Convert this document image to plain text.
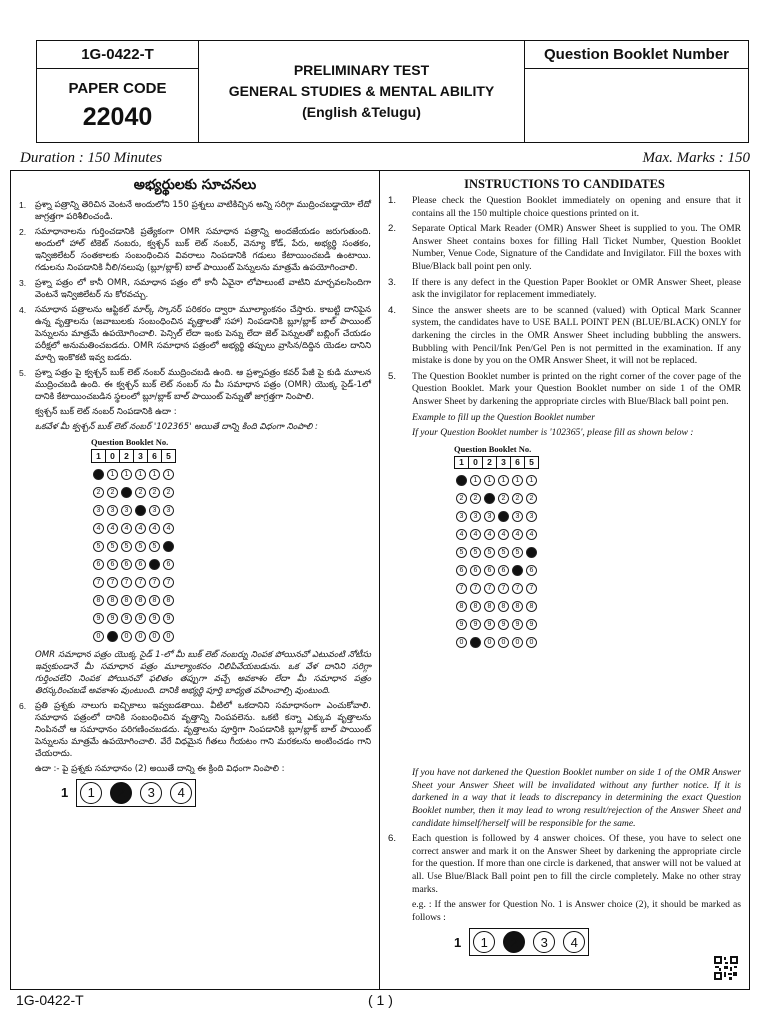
1G-0422-T
PAPER CODE
22040
PRELIMINARY TEST
GENERAL STUDIES & MENTAL ABILITY
(English &Telugu)
Question Booklet Number
Duration : 150 Minutes	Max. Marks : 150
అభ్యర్థులకు సూచనలు
1.	ప్రశ్నా పత్రాన్ని తెరిచిన వెంటనే అందులోని 150 ప్రశ్నలు వాటికిచ్చిన అన్ని సరిగ్గా ముద్రించబడ్డాయో లేదో జాగ్రత్తగా పరిశీలించండి.
2.	సమాధానాలను గుర్తించడానికి ప్రత్యేకంగా OMR సమాధాన పత్రాన్ని అందజేయడం జరుగుతుంది. అందులో హాల్ టికెట్ నంబరు, క్వశ్చన్ బుక్ లెట్ నంబర్, వెన్యూ కోడ్, పేరు, అభ్యర్థి సంతకం, ఇన్విజిలేటర్ సంతకాలకు సంబంధించిన వివరాలు నింపడానికి గడులు కేటాయించబడి ఉంటాయి. గడులను నింపడానికి నీలి/నలుపు (బ్లూ/బ్లాక్) బాల్ పాయింట్ పెన్నులను మాత్రమే ఉపయోగించాలి.
3.	ప్రశ్నా పత్రం లో కానీ OMR, సమాధాన పత్రం లో కానీ ఏవైనా లోపాలుంటే వాటిని మార్చవలసిందిగా వెంటనే ఇన్విజిలేటర్ ను కోరవచ్చు.
4.	సమాధాన పత్రాలను ఆప్టికల్ మార్క్ స్కానర్ పరికరం ద్వారా మూల్యాంకనం చేస్తారు. కాబట్టి దానిపైన ఉన్న వృత్తాలను (జవాబులకు సంబంధించిన వృత్తాలతో సహా) నింపడానికి బ్లూ/బ్లాక్ బాల్ పాయింట్ పెన్నులను మాత్రమే ఉపయోగించాలి. పెన్సిల్ లేదా ఇంకు పెన్ను లేదా జెల్ పెన్నులతో బబ్లింగ్ చేయడం పరీక్షలో అనుమతించబడదు. OMR సమాధాన పత్రంలో అభ్యర్థి తప్పులు వ్రాసిన/దిద్దిన యెడల దానిని మార్చి ఇంకొకటి ఇవ్వ బడదు.
5.	ప్రశ్నా పత్రం పై క్వశ్చన్ బుక్ లెట్ నంబర్ ముద్రించబడి ఉంది. ఆ ప్రశ్నాపత్రం కవర్ పేజీ పై కుడి మూలన ముద్రించబడి ఉంది. ఈ క్వశ్చన్ బుక్ లెట్ నంబర్ ను మీ సమాధాన పత్రం (OMR) యొక్క సైడ్-1లో దానికి కేటాయించబడిన స్థలంలో బ్లూ/బ్లాక్ బాల్ పాయింట్ పెన్నుతో జాగ్రత్తగా నింపాలి.
క్వశ్చన్ బుక్ లెట్ నంబర్ నింపడానికి ఉదా :
ఒకవేళ మీ క్వశ్చన్ బుక్ లెట్ నంబర్ '102365' అయితే దాన్ని కింది విధంగా నింపాలి :
Question Booklet No.
1	0	2	3	6	5
1	1	1	1	1	1
2	2	2	2	2	2
3	3	3	3	3	3
4	4	4	4	4	4
5	5	5	5	5	5
6	6	6	6	6	6
7	7	7	7	7	7
8	8	8	8	8	8
9	9	9	9	9	9
0	0	0	0	0	0
OMR సమాధాన పత్రం యొక్క సైడ్ 1-లో మీ బుక్ లెట్ నంబర్ను నింపక పోయినచో ఎటువంటి నోటీసు ఇవ్వకుండానే మీ సమాధాన పత్రం మూల్యాంకనం నిలిపివేయబడును. ఒక వేళ దానిని సరిగ్గా గుర్తించలేని నింపక పోయినచో ఫలితం తప్పుగా వచ్చే అవకాశం లేదా మీ సమాధాన పత్రం తిరస్కరించబడే అవకాశం వుంటుంది. దానికి అభ్యర్థి పూర్తి బాధ్యత వహించాల్సి వుంటుంది.
6.	ప్రతి ప్రశ్నకు నాలుగు ఐచ్ఛికాలు ఇవ్వబడతాయి. వీటిలో ఒకదానిని సమాధానంగా ఎంచుకోవాలి. సమాధాన పత్రంలో దానికి సంబంధించిన వృత్తాన్ని నింపవలెను. ఒకటి కన్నా ఎక్కువ వృత్తాలను నింపినచో ఆ సమాధానం పరిగణించబడదు. వృత్తాలను పూర్తిగా నింపడానికి బ్లూ/బ్లాక్ బాల్ పాయింట్ పెన్నులను మాత్రమే ఉపయోగించాలి. వేరే విధమైన గీతలు గీయటం గాని మరకలను అంటించడం గాని చేయరాదు.
ఉదా :- పై ప్రశ్నకు సమాధానం (2) అయితే దాన్ని ఈ క్రింది విధంగా నింపాలి :
1	1	2	3	4
INSTRUCTIONS TO CANDIDATES
1.	Please check the Question Booklet immediately on opening and ensure that it contains all the 150 multiple choice questions printed on it.
2.	Separate Optical Mark Reader (OMR) Answer Sheet is supplied to you. The OMR Answer Sheet contains boxes for filling Hall Ticket Number, Question Booklet Number, Venue Code, Signature of the Candidate and Invigilator. Fill the boxes with Blue/Black ball point pen only.
3.	If there is any defect in the Question Paper Booklet or OMR Answer Sheet, please ask the invigilator for replacement immediately.
4.	Since the answer sheets are to be scanned (valued) with Optical Mark Scanner system, the candidates have to USE BALL POINT PEN (BLUE/BLACK) ONLY for darkening the circles in the OMR Answer Sheet including bubbling the answers. Bubbling with Pencil/Ink Pen/Gel Pen is not permitted in the examination. If any mistake is done by you on the OMR Answer Sheet, it will not be replaced.
5.	The Question Booklet number is printed on the right corner of the cover page of the Question Booklet. Mark your Question Booklet number on side 1 of the OMR Answer Sheet by darkening the appropriate circles with Blue/Black ball point pen.
Example to fill up the Question Booklet number
If your Question Booklet number is '102365', please fill as shown below :
Question Booklet No.
1	0	2	3	6	5
1	1	1	1	1	1
2	2	2	2	2	2
3	3	3	3	3	3
4	4	4	4	4	4
5	5	5	5	5	5
6	6	6	6	6	6
7	7	7	7	7	7
8	8	8	8	8	8
9	9	9	9	9	9
0	0	0	0	0	0
If you have not darkened the Question Booklet number on side 1 of the OMR Answer Sheet your Answer Sheet will be invalidated without any further notice. If it is darkened in a way that it leads to discrepancy in determining the exact Question Booklet number, then it may lead to wrong result/rejection of the Answer Sheet and candidate himself/herself will be responsible for the same.
6.	Each question is followed by 4 answer choices. Of these, you have to select one correct answer and mark it on the Answer Sheet by darkening the appropriate circle for the question. If more than one circle is darkened, that answer will not be valued at all. Use Blue/Black Ball point pen to fill the circle completely. Make no other stray marks.
e.g. : If the answer for Question No. 1 is Answer choice (2), it should be marked as follows :
1	1	2	3	4
1G-0422-T	( 1 )
